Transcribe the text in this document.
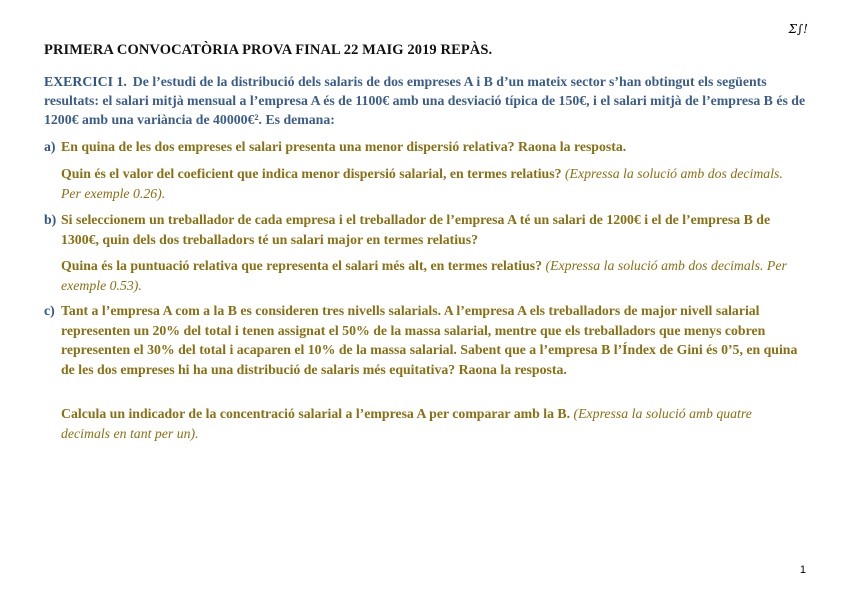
Σ∫!
PRIMERA CONVOCATÒRIA PROVA FINAL 22 MAIG 2019 REPÀS.
EXERCICI 1. De l’estudi de la distribució dels salaris de dos empreses A i B d’un mateix sector s’han obtingut els següents resultats: el salari mitjà mensual a l’empresa A és de 1100€ amb una desviació típica de 150€, i el salari mitjà de l’empresa B és de 1200€ amb una variància de 40000€². Es demana:
a) En quina de les dos empreses el salari presenta una menor dispersió relativa? Raona la resposta.
Quin és el valor del coeficient que indica menor dispersió salarial, en termes relatius? (Expressa la solució amb dos decimals. Per exemple 0.26).
b) Si seleccionem un treballador de cada empresa i el treballador de l’empresa A té un salari de 1200€ i el de l’empresa B de 1300€, quin dels dos treballadors té un salari major en termes relatius?
Quina és la puntuació relativa que representa el salari més alt, en termes relatius? (Expressa la solució amb dos decimals. Per exemple 0.53).
c) Tant a l’empresa A com a la B es consideren tres nivells salarials. A l’empresa A els treballadors de major nivell salarial representen un 20% del total i tenen assignat el 50% de la massa salarial, mentre que els treballadors que menys cobren representen el 30% del total i acaparen el 10% de la massa salarial. Sabent que a l’empresa B l’Índex de Gini és 0’5, en quina de les dos empreses hi ha una distribució de salaris més equitativa? Raona la resposta.
Calcula un indicador de la concentració salarial a l’empresa A per comparar amb la B. (Expressa la solució amb quatre decimals en tant per un).
1
